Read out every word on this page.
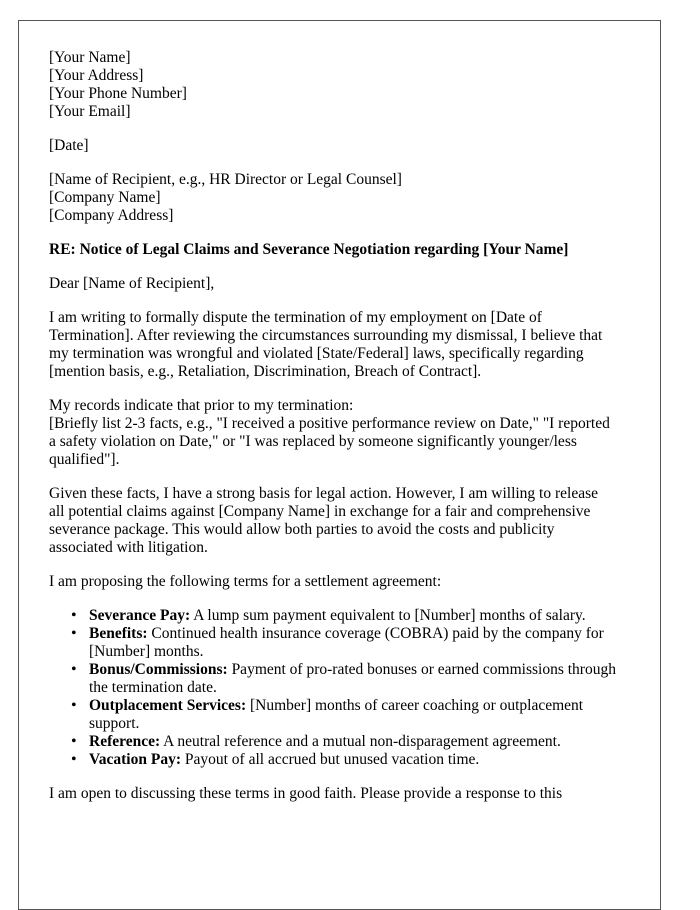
[Your Name]
[Your Address]
[Your Phone Number]
[Your Email]
[Date]
[Name of Recipient, e.g., HR Director or Legal Counsel]
[Company Name]
[Company Address]
RE: Notice of Legal Claims and Severance Negotiation regarding [Your Name]
Dear [Name of Recipient],
I am writing to formally dispute the termination of my employment on [Date of
Termination]. After reviewing the circumstances surrounding my dismissal, I believe that
my termination was wrongful and violated [State/Federal] laws, specifically regarding
[mention basis, e.g., Retaliation, Discrimination, Breach of Contract].
My records indicate that prior to my termination:
[Briefly list 2-3 facts, e.g., "I received a positive performance review on Date," "I reported
a safety violation on Date," or "I was replaced by someone significantly younger/less
qualified"].
Given these facts, I have a strong basis for legal action. However, I am willing to release
all potential claims against [Company Name] in exchange for a fair and comprehensive
severance package. This would allow both parties to avoid the costs and publicity
associated with litigation.
I am proposing the following terms for a settlement agreement:
• Severance Pay: A lump sum payment equivalent to [Number] months of salary.
• Benefits: Continued health insurance coverage (COBRA) paid by the company for
[Number] months.
• Bonus/Commissions: Payment of pro-rated bonuses or earned commissions through
the termination date.
• Outplacement Services: [Number] months of career coaching or outplacement
support.
• Reference: A neutral reference and a mutual non-disparagement agreement.
• Vacation Pay: Payout of all accrued but unused vacation time.
I am open to discussing these terms in good faith. Please provide a response to this
